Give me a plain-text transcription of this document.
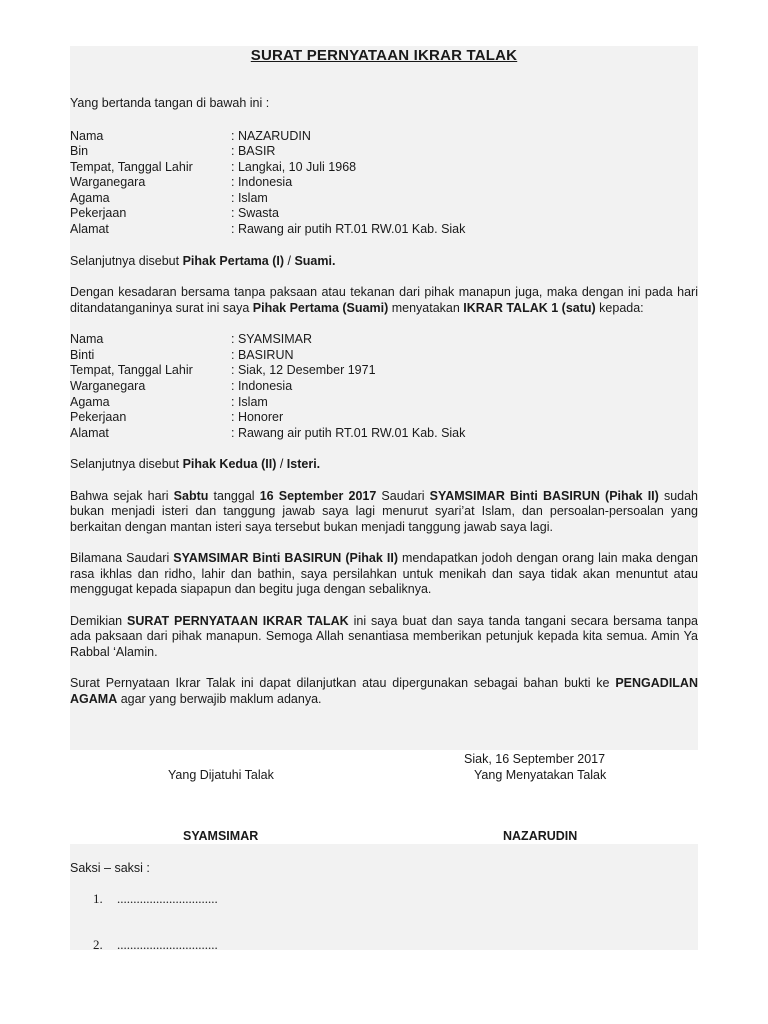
SURAT PERNYATAAN IKRAR TALAK

Yang bertanda tangan di bawah ini :

Nama	: NAZARUDIN
Bin	: BASIR
Tempat, Tanggal Lahir	: Langkai, 10 Juli 1968
Warganegara	: Indonesia
Agama	: Islam
Pekerjaan	: Swasta
Alamat	: Rawang air putih RT.01 RW.01 Kab. Siak

Selanjutnya disebut Pihak Pertama (I) / Suami.

Dengan kesadaran bersama tanpa paksaan atau tekanan dari pihak manapun juga, maka dengan ini pada hari ditandatanganinya surat ini saya Pihak Pertama (Suami) menyatakan IKRAR TALAK 1 (satu) kepada:

Nama	: SYAMSIMAR
Binti	: BASIRUN
Tempat, Tanggal Lahir	: Siak, 12 Desember 1971
Warganegara	: Indonesia
Agama	: Islam
Pekerjaan	: Honorer
Alamat	: Rawang air putih RT.01 RW.01 Kab. Siak

Selanjutnya disebut Pihak Kedua (II) / Isteri.

Bahwa sejak hari Sabtu tanggal 16 September 2017 Saudari SYAMSIMAR Binti BASIRUN (Pihak II) sudah bukan menjadi isteri dan tanggung jawab saya lagi menurut syari’at Islam, dan persoalan-persoalan yang berkaitan dengan mantan isteri saya tersebut bukan menjadi tanggung jawab saya lagi.

Bilamana Saudari SYAMSIMAR Binti BASIRUN (Pihak II) mendapatkan jodoh dengan orang lain maka dengan rasa ikhlas dan ridho, lahir dan bathin, saya persilahkan untuk menikah dan saya tidak akan menuntut atau menggugat kepada siapapun dan begitu juga dengan sebaliknya.

Demikian SURAT PERNYATAAN IKRAR TALAK ini saya buat dan saya tanda tangani secara bersama tanpa ada paksaan dari pihak manapun. Semoga Allah senantiasa memberikan petunjuk kepada kita semua. Amin Ya Rabbal ‘Alamin.

Surat Pernyataan Ikrar Talak ini dapat dilanjutkan atau dipergunakan sebagai bahan bukti ke PENGADILAN AGAMA agar yang berwajib maklum adanya.

Siak, 16 September 2017
Yang Dijatuhi Talak	Yang Menyatakan Talak
SYAMSIMAR	NAZARUDIN
Saksi – saksi :
1. ...............................
2. ...............................
